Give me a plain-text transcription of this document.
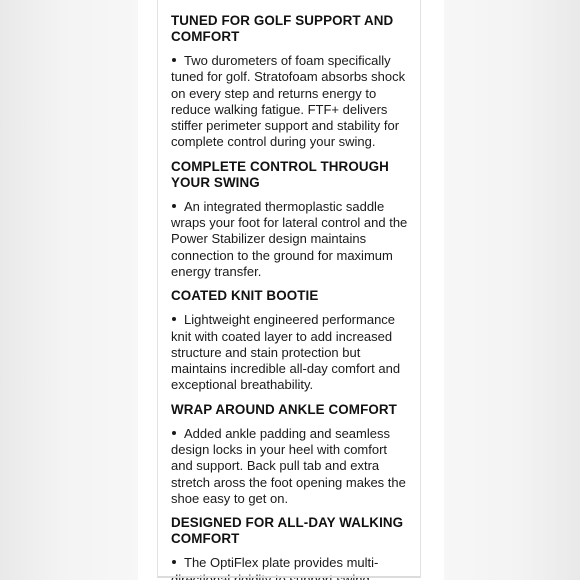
TUNED FOR GOLF SUPPORT AND COMFORT
Two durometers of foam specifically tuned for golf. Stratofoam absorbs shock on every step and returns energy to reduce walking fatigue. FTF+ delivers stiffer perimeter support and stability for complete control during your swing.
COMPLETE CONTROL THROUGH YOUR SWING
An integrated thermoplastic saddle wraps your foot for lateral control and the Power Stabilizer design maintains connection to the ground for maximum energy transfer.
COATED KNIT BOOTIE
Lightweight engineered performance knit with coated layer to add increased structure and stain protection but maintains incredible all-day comfort and exceptional breathability.
WRAP AROUND ANKLE COMFORT
Added ankle padding and seamless design locks in your heel with comfort and support. Back pull tab and extra stretch aross the foot opening makes the shoe easy to get on.
DESIGNED FOR ALL-DAY WALKING COMFORT
The OptiFlex plate provides multi-
